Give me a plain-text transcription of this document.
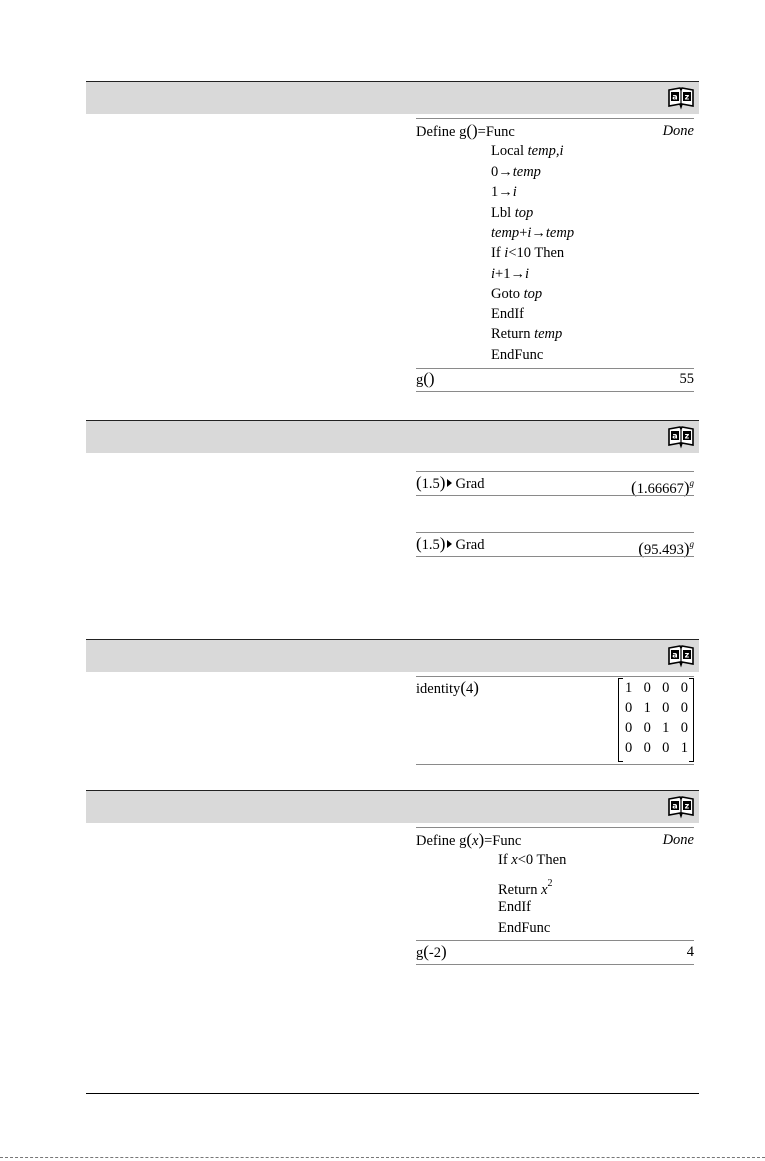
Define g()=Func	Done
Local temp,i
0→temp
1→i
Lbl top
temp+i→temp
If i<10 Then
i+1→i
Goto top
EndIf
Return temp
EndFunc
g()	55
(1.5) Grad	$(1.66667)^g$
(1.5) Grad	$(95.493)^g$
identity(4)	1 0 0 0
0 1 0 0
0 0 1 0
0 0 0 1
Define g(x)=Func	Done
If x<0 Then
Return $x^2$
EndIf
EndFunc
g(-2)	4
